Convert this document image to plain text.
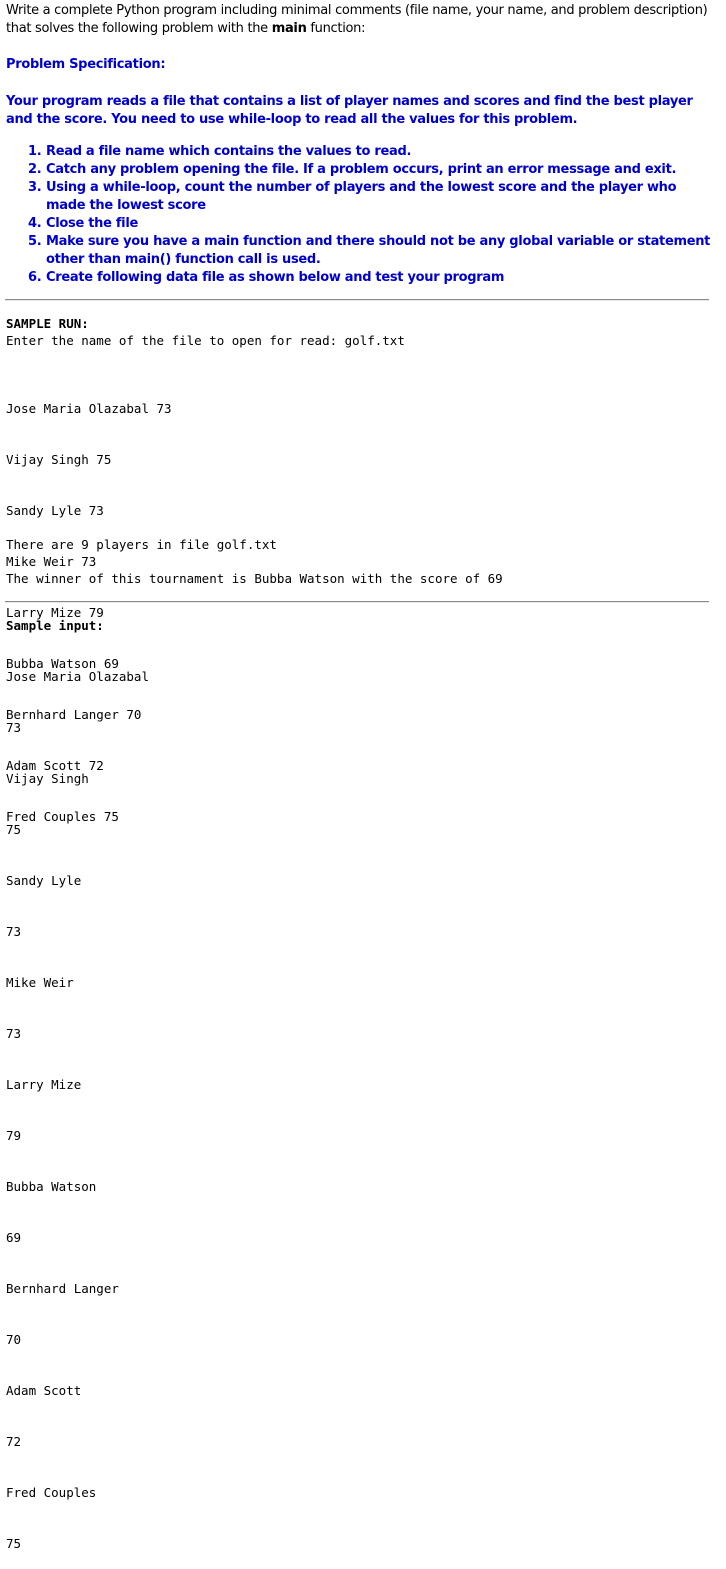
Write a complete Python program including minimal comments (file name, your name, and problem description) that solves the following problem with the main function:
Problem Specification:
Your program reads a file that contains a list of player names and scores and find the best player and the score. You need to use while-loop to read all the values for this problem.
1. Read a file name which contains the values to read.
2. Catch any problem opening the file. If a problem occurs, print an error message and exit.
3. Using a while-loop, count the number of players and the lowest score and the player who made the lowest score
4. Close the file
5. Make sure you have a main function and there should not be any global variable or statement other than main() function call is used.
6. Create following data file as shown below and test your program
SAMPLE RUN:
Enter the name of the file to open for read: golf.txt

Jose Maria Olazabal 73

Vijay Singh 75

Sandy Lyle 73

Mike Weir 73

Larry Mize 79

Bubba Watson 69

Bernhard Langer 70

Adam Scott 72

Fred Couples 75

There are 9 players in file golf.txt
The winner of this tournament is Bubba Watson with the score of 69
Sample input:

Jose Maria Olazabal

73

Vijay Singh

75

Sandy Lyle

73

Mike Weir

73

Larry Mize

79

Bubba Watson

69

Bernhard Langer

70

Adam Scott

72

Fred Couples

75
